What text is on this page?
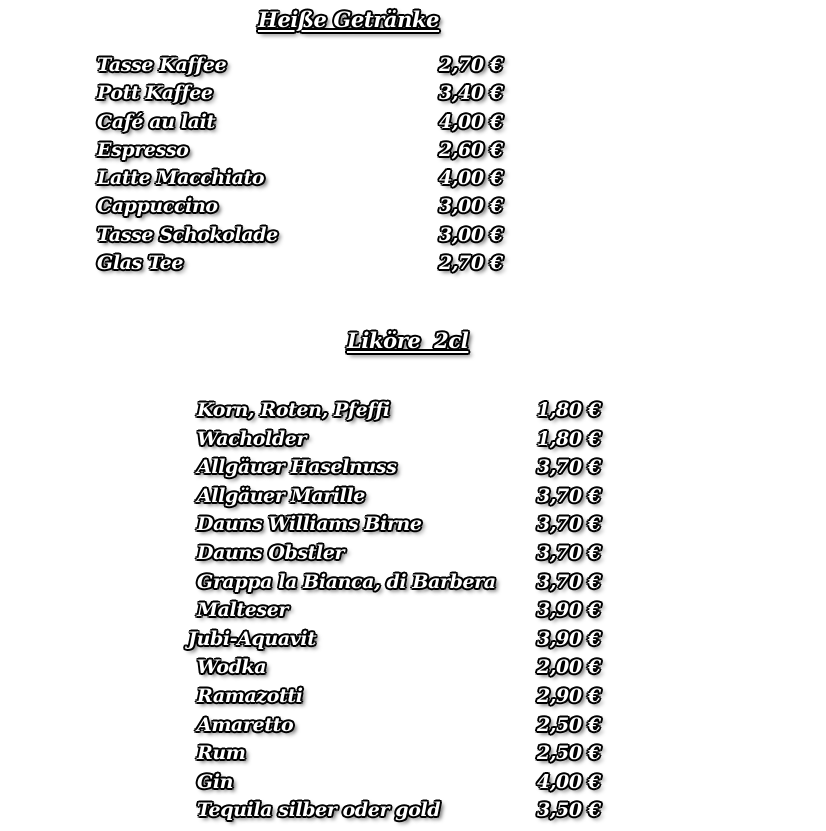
Heiße Getränke
Tasse Kaffee	2,70 €
Pott Kaffee	3,40 €
Café au lait	4,00 €
Espresso	2,60 €
Latte Macchiato	4,00 €
Cappuccino	3,00 €
Tasse Schokolade	3,00 €
Glas Tee	2,70 €
Liköre  2cl
Korn, Roten, Pfeffi	1,80 €
Wacholder	1,80 €
Allgäuer Haselnuss	3,70 €
Allgäuer Marille	3,70 €
Dauns Williams Birne	3,70 €
Dauns Obstler	3,70 €
Grappa la Bianca, di Barbera 3,70 €
Malteser	3,90 €
Jubi-Aquavit	3,90 €
Wodka	2,00 €
Ramazotti	2,90 €
Amaretto	2,50 €
Rum	2,50 €
Gin	4,00 €
Tequila silber oder gold	3,50 €
